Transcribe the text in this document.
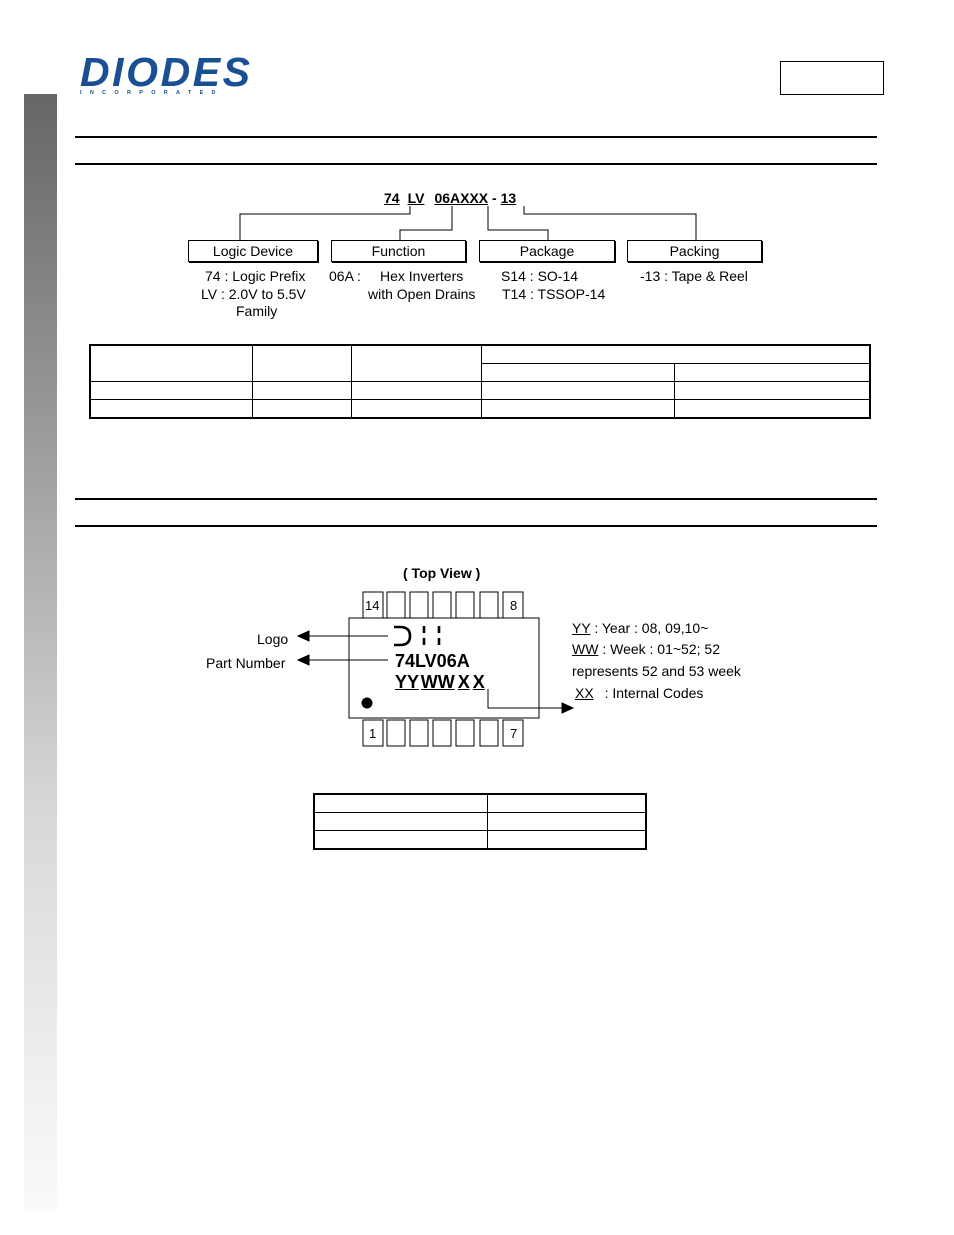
DIODES
INCORPORATED
74 LV 06AXXX - 13
Logic Device	Function	Package	Packing
74 : Logic Prefix
LV : 2.0V to 5.5V
Family
06A : Hex Inverters
with Open Drains
S14 : SO-14
T14 : TSSOP-14
-13 : Tape & Reel

( Top View )
14	8
1	7
74LV06A
YY WW X X
Logo
Part Number
YY : Year : 08, 09,10~
WW : Week : 01~52; 52
represents 52 and 53 week
XX : Internal Codes
